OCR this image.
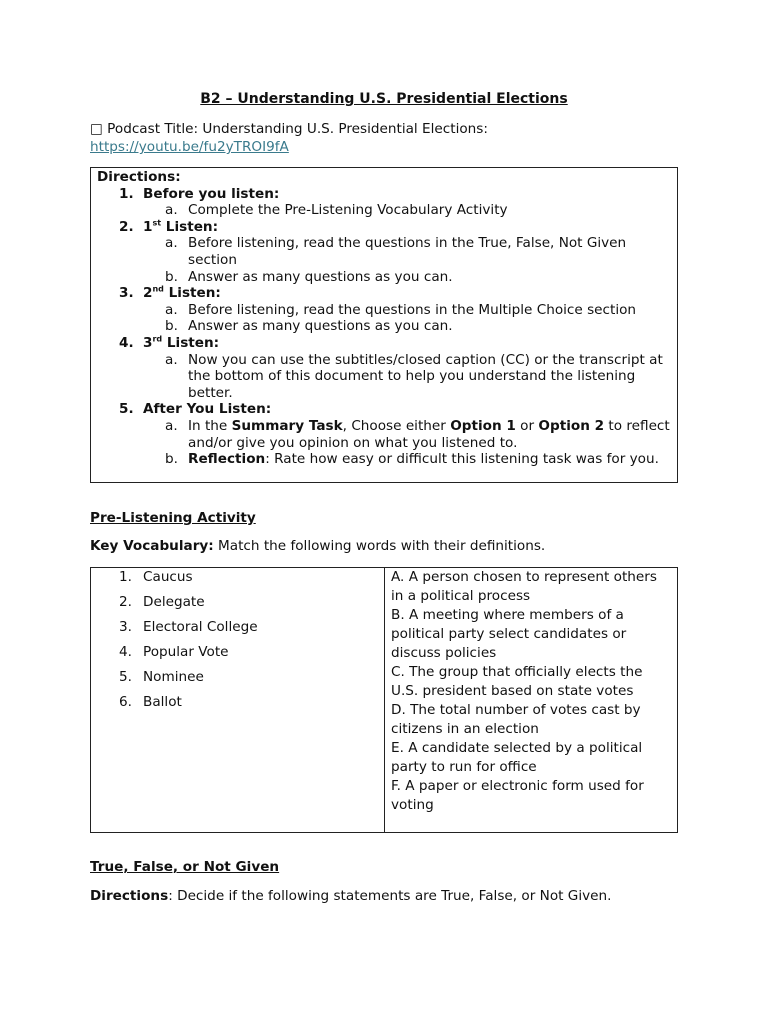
B2 – Understanding U.S. Presidential Elections
□ Podcast Title: Understanding U.S. Presidential Elections:
https://youtu.be/fu2yTROI9fA
Directions:
1. Before you listen:
a. Complete the Pre-Listening Vocabulary Activity
2. 1st Listen:
a. Before listening, read the questions in the True, False, Not Given section
b. Answer as many questions as you can.
3. 2nd Listen:
a. Before listening, read the questions in the Multiple Choice section
b. Answer as many questions as you can.
4. 3rd Listen:
a. Now you can use the subtitles/closed caption (CC) or the transcript at the bottom of this document to help you understand the listening better.
5. After You Listen:
a. In the Summary Task, Choose either Option 1 or Option 2 to reflect and/or give you opinion on what you listened to.
b. Reflection: Rate how easy or difficult this listening task was for you.
Pre-Listening Activity
Key Vocabulary: Match the following words with their definitions.
1. Caucus
2. Delegate
3. Electoral College
4. Popular Vote
5. Nominee
6. Ballot
A. A person chosen to represent others in a political process
B. A meeting where members of a political party select candidates or discuss policies
C. The group that officially elects the U.S. president based on state votes
D. The total number of votes cast by citizens in an election
E. A candidate selected by a political party to run for office
F. A paper or electronic form used for voting
True, False, or Not Given
Directions: Decide if the following statements are True, False, or Not Given.
